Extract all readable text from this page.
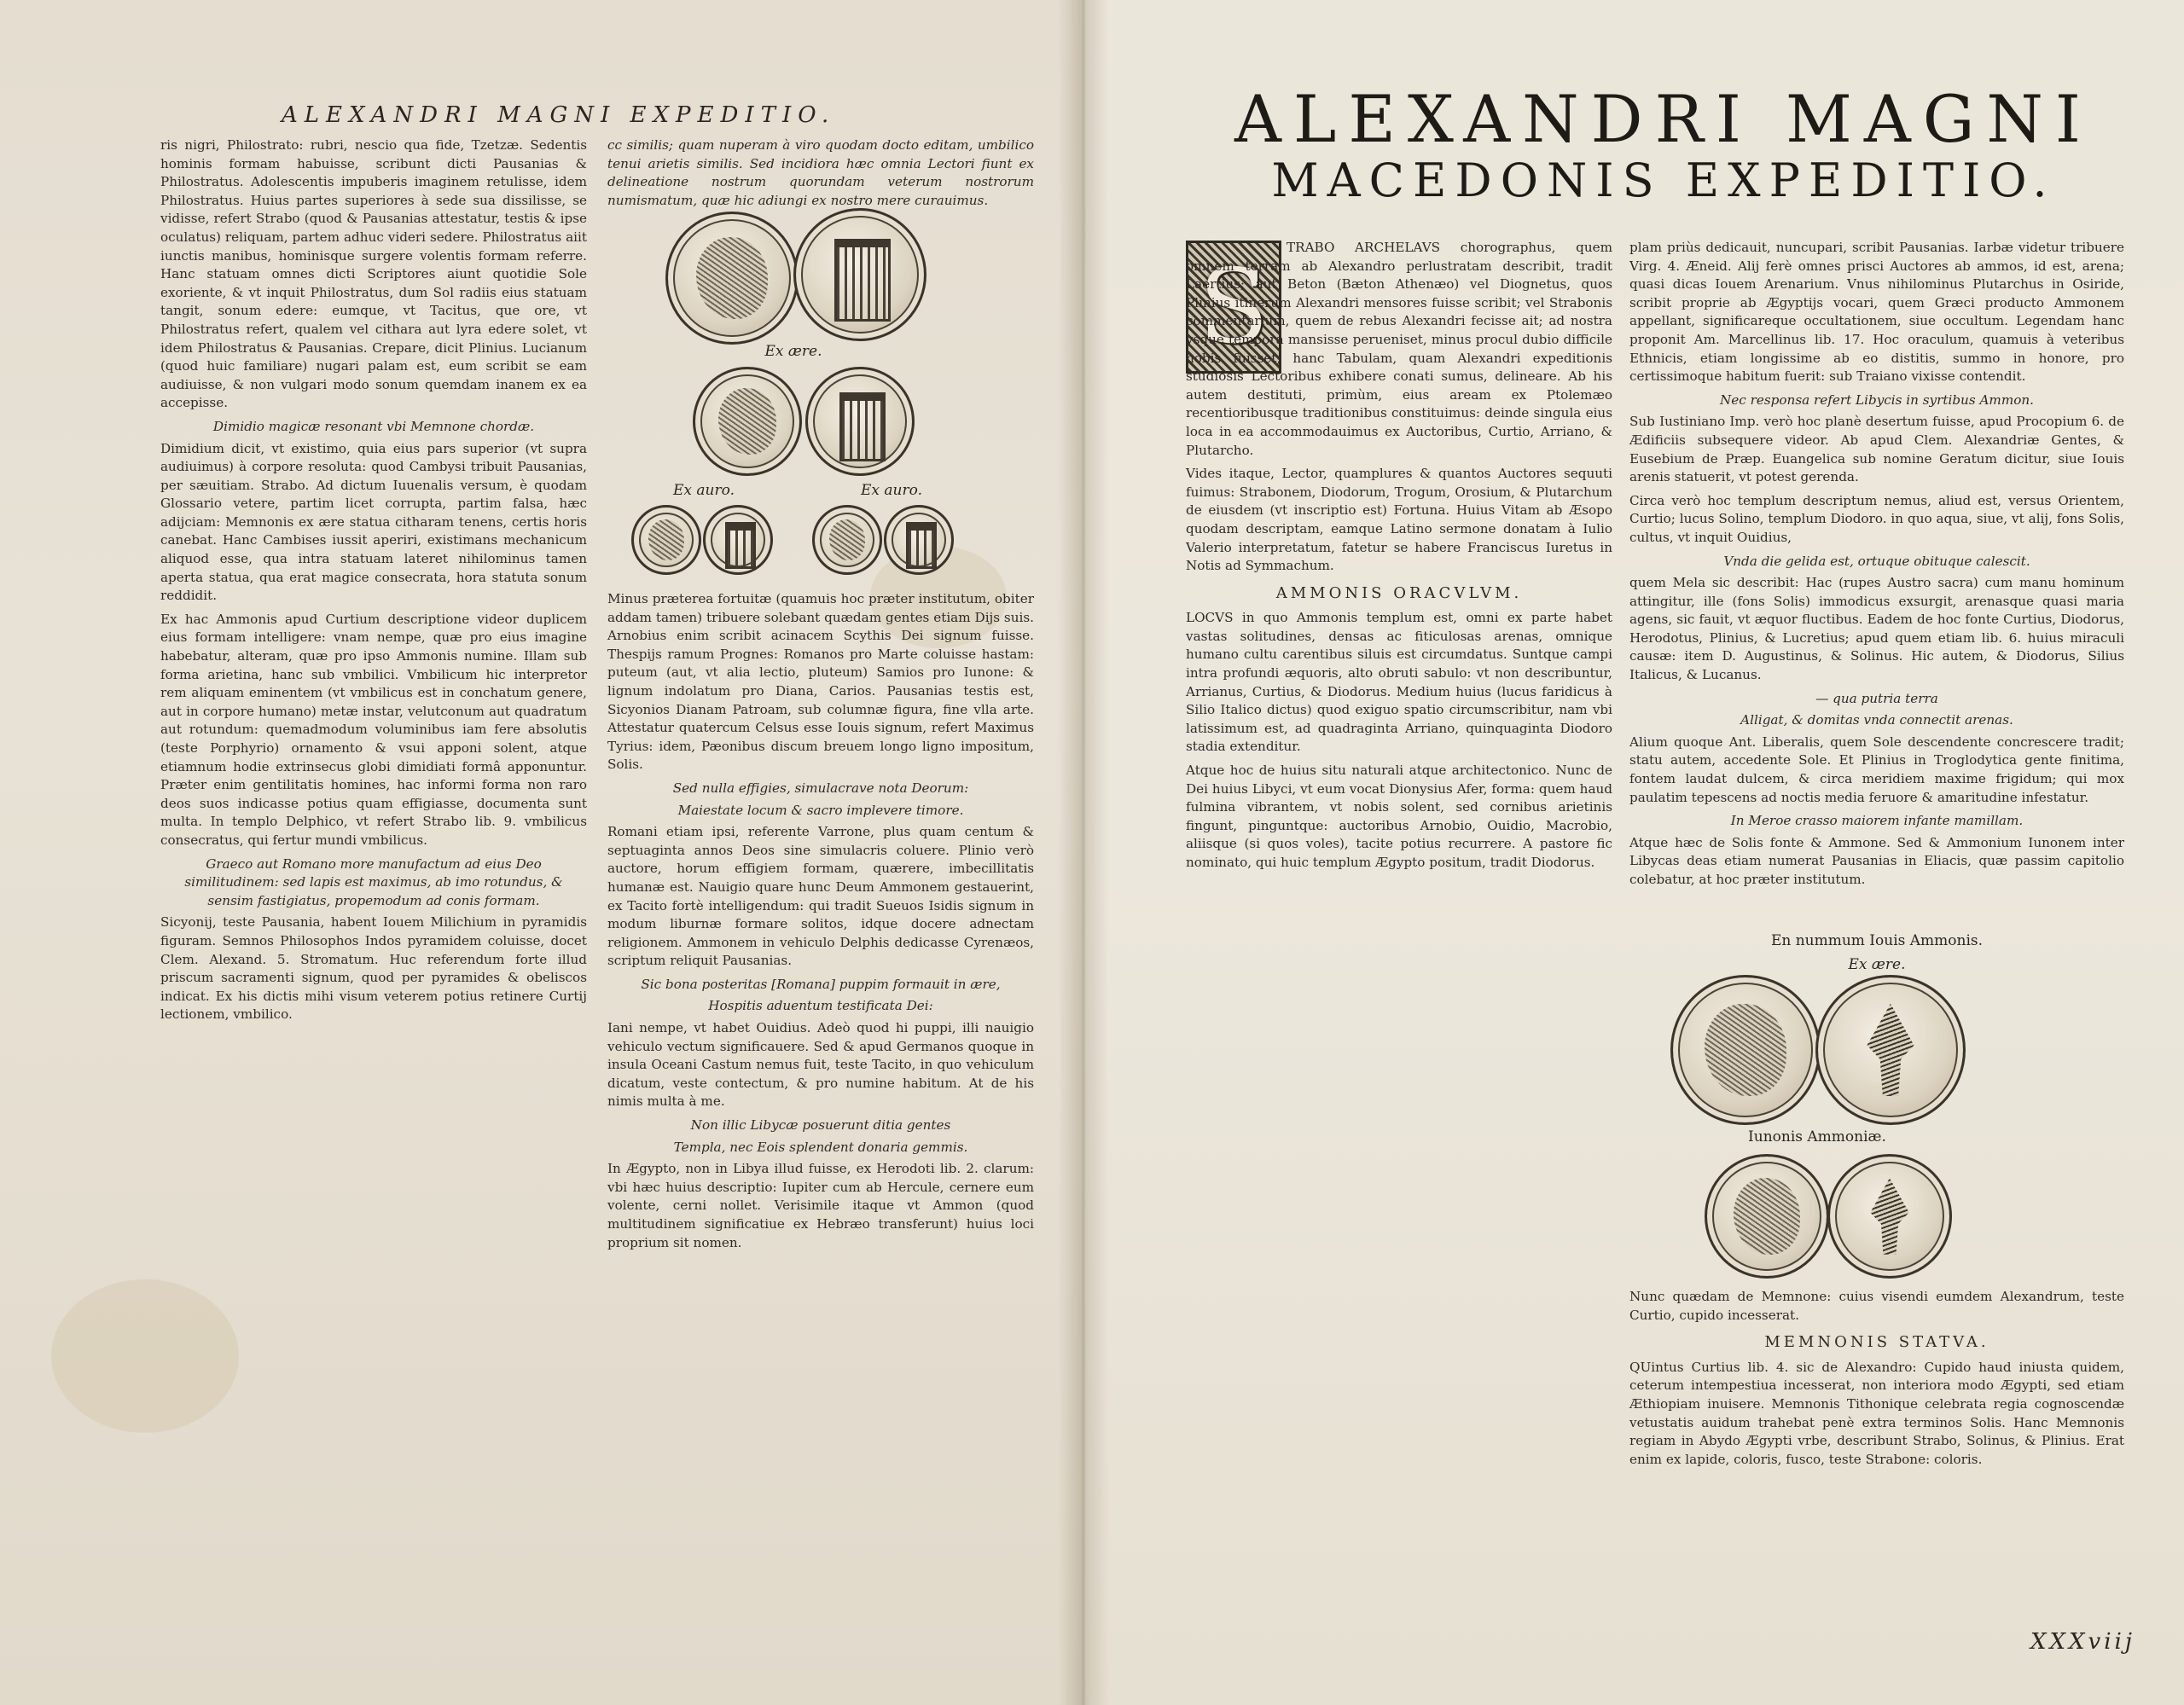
ALEXANDRI MAGNI EXPEDITIO.

ris nigri, Philostrato: rubri, nescio qua fide, Tzetzæ. Sedentis hominis formam habuisse, scribunt dicti Pausanias & Philostratus. Adolescentis impuberis imaginem retulisse, idem Philostratus. Huius partes superiores à sede sua dissilisse, se vidisse, refert Strabo (quod & Pausanias attestatur, testis & ipse oculatus) reliquam, partem adhuc videri sedere. Philostratus aiit iunctis manibus, hominisque surgere volentis formam referre. Hanc statuam omnes dicti Scriptores aiunt quotidie Sole exoriente, & vt inquit Philostratus, dum Sol radiis eius statuam tangit, sonum edere: eumque, vt Tacitus, que ore, vt Philostratus refert, qualem vel cithara aut lyra edere solet, vt idem Philostratus & Pausanias. Crepare, dicit Plinius. Lucianum (quod huic familiare) nugari palam est, eum scribit se eam audiuisse, & non vulgari modo sonum quemdam inanem ex ea accepisse.

Dimidio magicæ resonant vbi Memnone chordæ.

Dimidium dicit, vt existimo, quia eius pars superior (vt supra audiuimus) à corpore resoluta: quod Cambysi tribuit Pausanias, per sæuitiam. Strabo. Ad dictum Iuuenalis versum, è quodam Glossario vetere, partim licet corrupta, partim falsa, hæc adijciam: Memnonis ex ære statua citharam tenens, certis horis canebat. Hanc Cambises iussit aperiri, existimans mechanicum aliquod esse, qua intra statuam lateret nihilominus tamen aperta statua, qua erat magice consecrata, hora statuta sonum reddidit.

Ex hac Ammonis apud Curtium descriptione videor duplicem eius formam intelligere: vnam nempe, quæ pro eius imagine habebatur, alteram, quæ pro ipso Ammonis numine. Illam sub forma arietina, hanc sub vmbilici. Vmbilicum hic interpretor rem aliquam eminentem (vt vmbilicus est in conchatum genere, aut in corpore humano) metæ instar, velutconum aut quadratum aut rotundum: quemadmodum voluminibus iam fere absolutis (teste Porphyrio) ornamento & vsui apponi solent, atque etiamnum hodie extrinsecus globi dimidiati formâ apponuntur. Præter enim gentilitatis homines, hac informi forma non raro deos suos indicasse potius quam effigiasse, documenta sunt multa. In templo Delphico, vt refert Strabo lib. 9. vmbilicus consecratus, qui fertur mundi vmbilicus.

Graeco aut Romano more manufactum ad eius Deo similitudinem: sed lapis est maximus, ab imo rotundus, & sensim fastigiatus, propemodum ad conis formam.

Sicyonij, teste Pausania, habent Iouem Milichium in pyramidis figuram. Semnos Philosophos Indos pyramidem coluisse, docet Clem. Alexand. 5. Stromatum. Huc referendum forte illud priscum sacramenti signum, quod per pyramides & obeliscos indicat. Ex his dictis mihi visum veterem potius retinere Curtij lectionem, vmbilico.

cc similis; quam nuperam à viro quodam docto editam, umbilico tenui arietis similis. Sed incidiora hæc omnia Lectori fiunt ex delineatione nostrum quorundam veterum nostrorum numismatum, quæ hic adiungi ex nostro mere curauimus.

Ex ære.
Ex auro.	Ex auro.

Minus præterea fortuitæ (quamuis hoc præter institutum, obiter addam tamen) tribuere solebant quædam gentes etiam Dijs suis. Arnobius enim scribit acinacem Scythis Dei signum fuisse. Thespijs ramum Prognes: Romanos pro Marte coluisse hastam: puteum (aut, vt alia lectio, pluteum) Samios pro Iunone: & lignum indolatum pro Diana, Carios. Pausanias testis est, Sicyonios Dianam Patroam, sub columnæ figura, fine vlla arte. Attestatur quatercum Celsus esse Iouis signum, refert Maximus Tyrius: idem, Pæonibus discum breuem longo ligno impositum, Solis.

Sed nulla effigies, simulacrave nota Deorum:

Maiestate locum & sacro implevere timore.

Romani etiam ipsi, referente Varrone, plus quam centum & septuaginta annos Deos sine simulacris coluere. Plinio verò auctore, horum effigiem formam, quærere, imbecillitatis humanæ est. Nauigio quare hunc Deum Ammonem gestauerint, ex Tacito fortè intelligendum: qui tradit Sueuos Isidis signum in modum liburnæ formare solitos, idque docere adnectam religionem. Ammonem in vehiculo Delphis dedicasse Cyrenæos, scriptum reliquit Pausanias.

Sic bona posteritas [Romana] puppim formauit in ære,

Hospitis aduentum testificata Dei:

Iani nempe, vt habet Ouidius. Adeò quod hi puppi, illi nauigio vehiculo vectum significauere. Sed & apud Germanos quoque in insula Oceani Castum nemus fuit, teste Tacito, in quo vehiculum dicatum, veste contectum, & pro numine habitum. At de his nimis multa à me.

Non illic Libycæ posuerunt ditia gentes

Templa, nec Eois splendent donaria gemmis.

In Ægypto, non in Libya illud fuisse, ex Herodoti lib. 2. clarum: vbi hæc huius descriptio: Iupiter cum ab Hercule, cernere eum volente, cerni nollet. Verisimile itaque vt Ammon (quod multitudinem significatiue ex Hebræo transferunt) huius loci proprium sit nomen.

ALEXANDRI MAGNI
MACEDONIS EXPEDITIO.
S

TRABO ARCHELAVS chorographus, quem omnem terram ab Alexandro perlustratam describit, tradit Laertius; aut Beton (Bæton Athenæo) vel Diognetus, quos Plinius itinerum Alexandri mensores fuisse scribit; vel Strabonis commentarium, quem de rebus Alexandri fecisse ait; ad nostra vsque tempora mansisse perueniset, minus procul dubio difficile nobis fuisset, hanc Tabulam, quam Alexandri expeditionis studiosis Lectoribus exhibere conati sumus, delineare. Ab his autem destituti, primùm, eius aream ex Ptolemæo recentioribusque traditionibus constituimus: deinde singula eius loca in ea accommodauimus ex Auctoribus, Curtio, Arriano, & Plutarcho.

Vides itaque, Lector, quamplures & quantos Auctores sequuti fuimus: Strabonem, Diodorum, Trogum, Orosium, & Plutarchum de eiusdem (vt inscriptio est) Fortuna. Huius Vitam ab Æsopo quodam descriptam, eamque Latino sermone donatam à Iulio Valerio interpretatum, fatetur se habere Franciscus Iuretus in Notis ad Symmachum.

AMMONIS ORACVLVM.

LOCVS in quo Ammonis templum est, omni ex parte habet vastas solitudines, densas ac fiticulosas arenas, omnique humano cultu carentibus siluis est circumdatus. Suntque campi intra profundi æquoris, alto obruti sabulo: vt non describuntur, Arrianus, Curtius, & Diodorus. Medium huius (lucus faridicus à Silio Italico dictus) quod exiguo spatio circumscribitur, nam vbi latissimum est, ad quadraginta Arriano, quinquaginta Diodoro stadia extenditur.

Atque hoc de huius situ naturali atque architectonico. Nunc de Dei huius Libyci, vt eum vocat Dionysius Afer, forma: quem haud fulmina vibrantem, vt nobis solent, sed cornibus arietinis fingunt, pinguntque: auctoribus Arnobio, Ouidio, Macrobio, aliisque (si quos voles), tacite potius recurrere. A pastore fic nominato, qui huic templum Ægypto positum, tradit Diodorus.

plam priùs dedicauit, nuncupari, scribit Pausanias. Iarbæ videtur tribuere Virg. 4. Æneid. Alij ferè omnes prisci Auctores ab ammos, id est, arena; quasi dicas Iouem Arenarium. Vnus nihilominus Plutarchus in Osiride, scribit proprie ab Ægyptijs vocari, quem Græci producto Ammonem appellant, significareque occultationem, siue occultum. Legendam hanc proponit Am. Marcellinus lib. 17. Hoc oraculum, quamuis à veteribus Ethnicis, etiam longissime ab eo distitis, summo in honore, pro certissimoque habitum fuerit: sub Traiano vixisse contendit.

Nec responsa refert Libycis in syrtibus Ammon.

Sub Iustiniano Imp. verò hoc planè desertum fuisse, apud Procopium 6. de Ædificiis subsequere videor. Ab apud Clem. Alexandriæ Gentes, & Eusebium de Præp. Euangelica sub nomine Geratum dicitur, siue Iouis arenis statuerit, vt potest gerenda.

Circa verò hoc templum descriptum nemus, aliud est, versus Orientem, Curtio; lucus Solino, templum Diodoro. in quo aqua, siue, vt alij, fons Solis, cultus, vt inquit Ouidius,

Vnda die gelida est, ortuque obituque calescit.

quem Mela sic describit: Hac (rupes Austro sacra) cum manu hominum attingitur, ille (fons Solis) immodicus exsurgit, arenasque quasi maria agens, sic fauit, vt æquor fluctibus. Eadem de hoc fonte Curtius, Diodorus, Herodotus, Plinius, & Lucretius; apud quem etiam lib. 6. huius miraculi causæ: item D. Augustinus, & Solinus. Hic autem, & Diodorus, Silius Italicus, & Lucanus.

— qua putria terra

Alligat, & domitas vnda connectit arenas.

Alium quoque Ant. Liberalis, quem Sole descendente concrescere tradit; statu autem, accedente Sole. Et Plinius in Troglodytica gente finitima, fontem laudat dulcem, & circa meridiem maxime frigidum; qui mox paulatim tepescens ad noctis media feruore & amaritudine infestatur.

In Meroe crasso maiorem infante mamillam.

Atque hæc de Solis fonte & Ammone. Sed & Ammonium Iunonem inter Libycas deas etiam numerat Pausanias in Eliacis, quæ passim capitolio colebatur, at hoc præter institutum.

En nummum Iouis Ammonis.
Ex ære.
Iunonis Ammoniæ.

Nunc quædam de Memnone: cuius visendi eumdem Alexandrum, teste Curtio, cupido incesserat.

MEMNONIS STATVA.

QUintus Curtius lib. 4. sic de Alexandro: Cupido haud iniusta quidem, ceterum intempestiua incesserat, non interiora modo Ægypti, sed etiam Æthiopiam inuisere. Memnonis Tithonique celebrata regia cognoscendæ vetustatis auidum trahebat penè extra terminos Solis. Hanc Memnonis regiam in Abydo Ægypti vrbe, describunt Strabo, Solinus, & Plinius. Erat enim ex lapide, coloris, fusco, teste Strabone: coloris.

XXXviij
